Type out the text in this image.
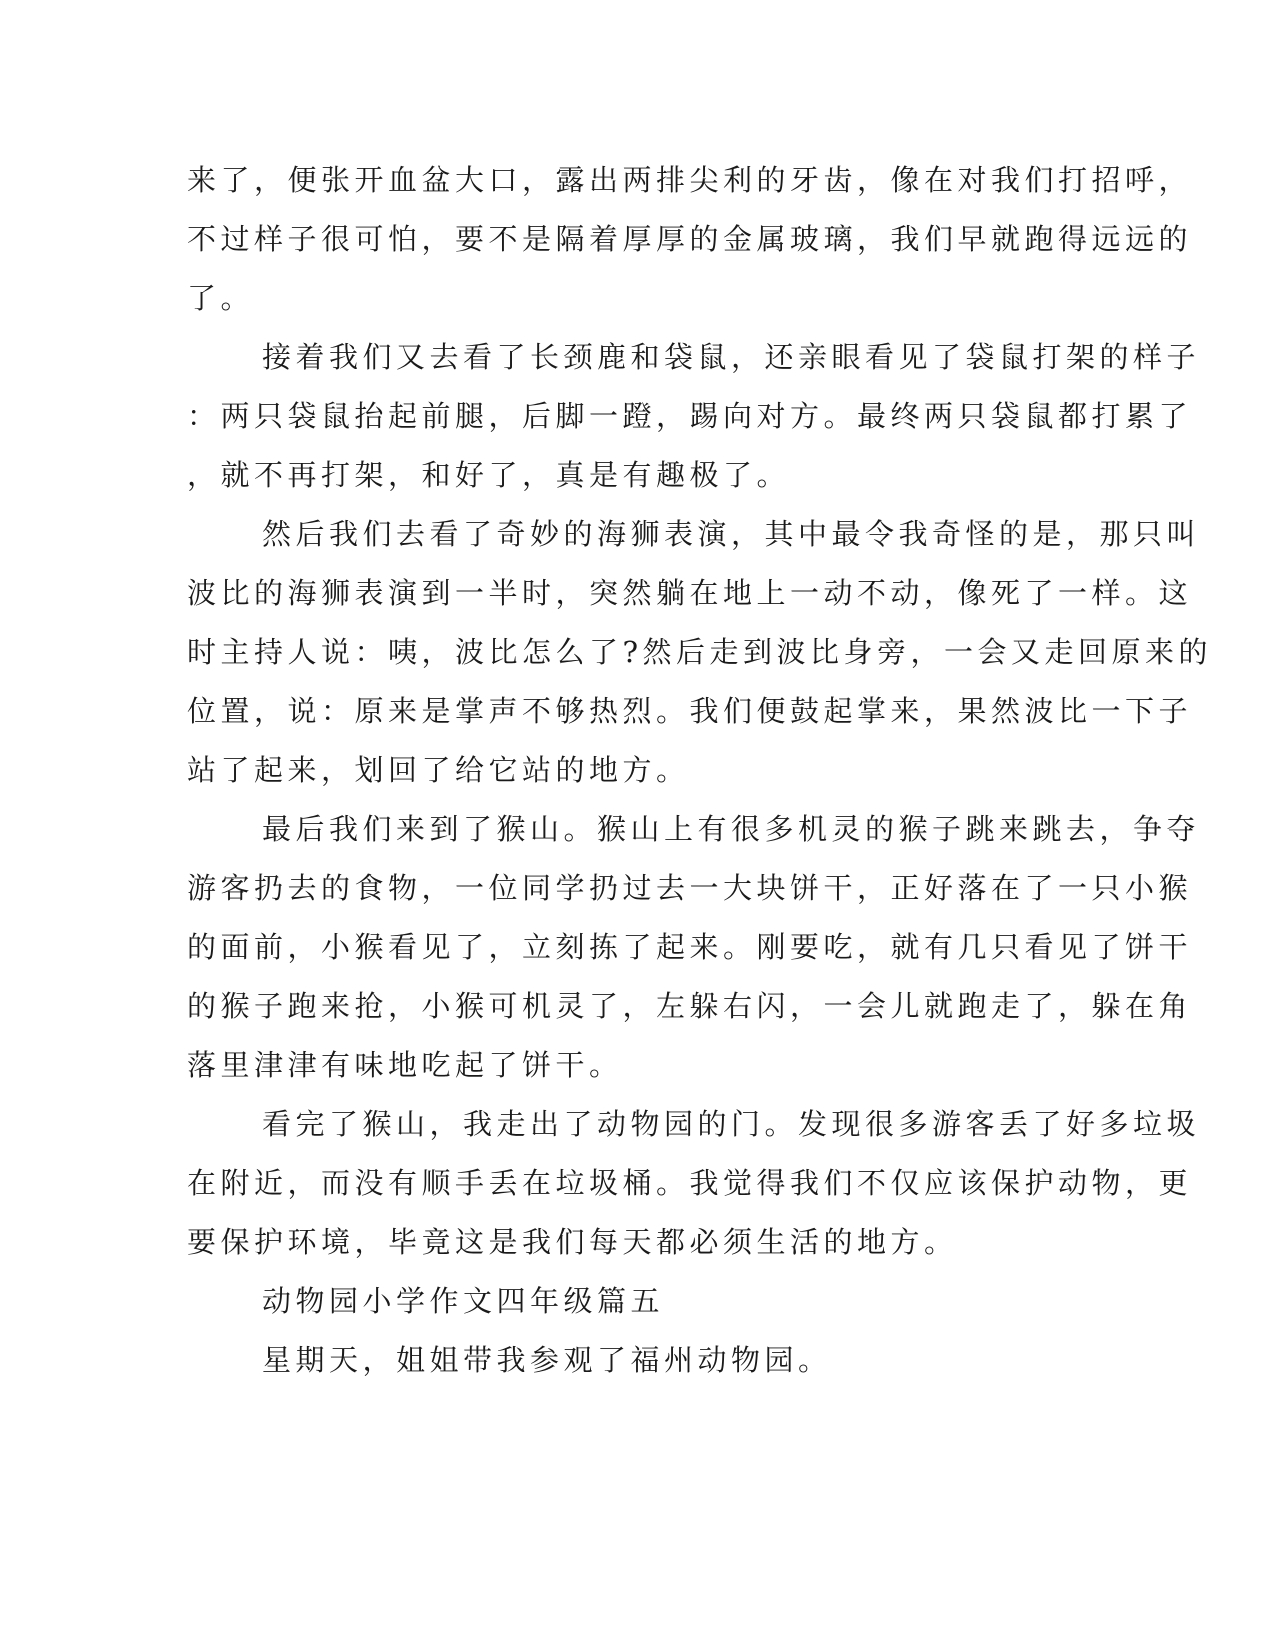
来了，便张开血盆大口，露出两排尖利的牙齿，像在对我们打招呼，
不过样子很可怕，要不是隔着厚厚的金属玻璃，我们早就跑得远远的
了。
接着我们又去看了长颈鹿和袋鼠，还亲眼看见了袋鼠打架的样子
：两只袋鼠抬起前腿，后脚一蹬，踢向对方。最终两只袋鼠都打累了
，就不再打架，和好了，真是有趣极了。
然后我们去看了奇妙的海狮表演，其中最令我奇怪的是，那只叫
波比的海狮表演到一半时，突然躺在地上一动不动，像死了一样。这
时主持人说：咦，波比怎么了?然后走到波比身旁，一会又走回原来的
位置，说：原来是掌声不够热烈。我们便鼓起掌来，果然波比一下子
站了起来，划回了给它站的地方。
最后我们来到了猴山。猴山上有很多机灵的猴子跳来跳去，争夺
游客扔去的食物，一位同学扔过去一大块饼干，正好落在了一只小猴
的面前，小猴看见了，立刻拣了起来。刚要吃，就有几只看见了饼干
的猴子跑来抢，小猴可机灵了，左躲右闪，一会儿就跑走了，躲在角
落里津津有味地吃起了饼干。
看完了猴山，我走出了动物园的门。发现很多游客丢了好多垃圾
在附近，而没有顺手丢在垃圾桶。我觉得我们不仅应该保护动物，更
要保护环境，毕竟这是我们每天都必须生活的地方。
动物园小学作文四年级篇五
星期天，姐姐带我参观了福州动物园。
